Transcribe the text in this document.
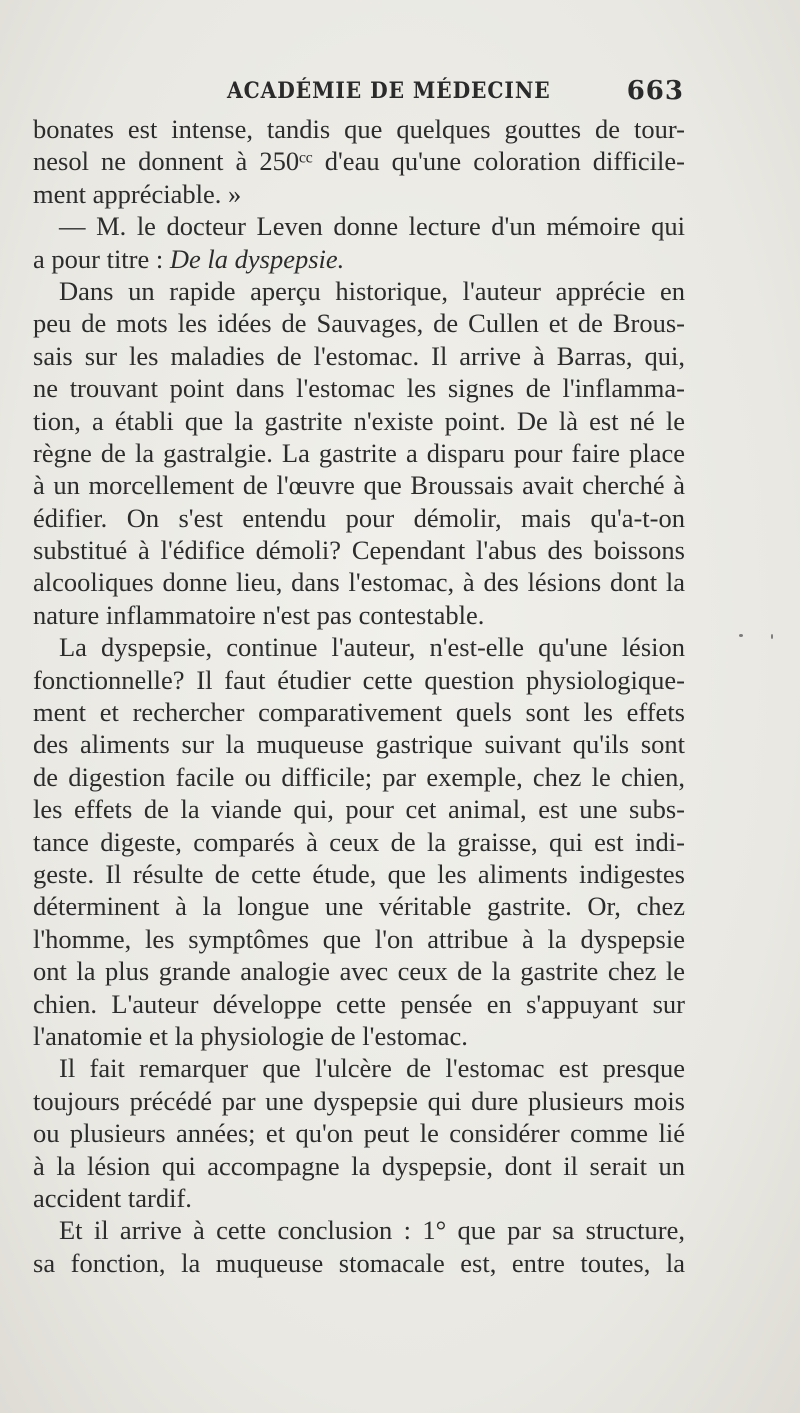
ACADÉMIE DE MÉDECINE	663
bonates est intense, tandis que quelques gouttes de tour-
nesol ne donnent à 250ᶜᶜ d'eau qu'une coloration difficile-
ment appréciable. »
— M. le docteur Leven donne lecture d'un mémoire qui
a pour titre : De la dyspepsie.
Dans un rapide aperçu historique, l'auteur apprécie en
peu de mots les idées de Sauvages, de Cullen et de Brous-
sais sur les maladies de l'estomac. Il arrive à Barras, qui,
ne trouvant point dans l'estomac les signes de l'inflamma-
tion, a établi que la gastrite n'existe point. De là est né le
règne de la gastralgie. La gastrite a disparu pour faire place
à un morcellement de l'œuvre que Broussais avait cherché à
édifier. On s'est entendu pour démolir, mais qu'a-t-on
substitué à l'édifice démoli? Cependant l'abus des boissons
alcooliques donne lieu, dans l'estomac, à des lésions dont la
nature inflammatoire n'est pas contestable.
La dyspepsie, continue l'auteur, n'est-elle qu'une lésion
fonctionnelle? Il faut étudier cette question physiologique-
ment et rechercher comparativement quels sont les effets
des aliments sur la muqueuse gastrique suivant qu'ils sont
de digestion facile ou difficile; par exemple, chez le chien,
les effets de la viande qui, pour cet animal, est une subs-
tance digeste, comparés à ceux de la graisse, qui est indi-
geste. Il résulte de cette étude, que les aliments indigestes
déterminent à la longue une véritable gastrite. Or, chez
l'homme, les symptômes que l'on attribue à la dyspepsie
ont la plus grande analogie avec ceux de la gastrite chez le
chien. L'auteur développe cette pensée en s'appuyant sur
l'anatomie et la physiologie de l'estomac.
Il fait remarquer que l'ulcère de l'estomac est presque
toujours précédé par une dyspepsie qui dure plusieurs mois
ou plusieurs années; et qu'on peut le considérer comme lié
à la lésion qui accompagne la dyspepsie, dont il serait un
accident tardif.
Et il arrive à cette conclusion : 1° que par sa structure,
sa fonction, la muqueuse stomacale est, entre toutes, la
